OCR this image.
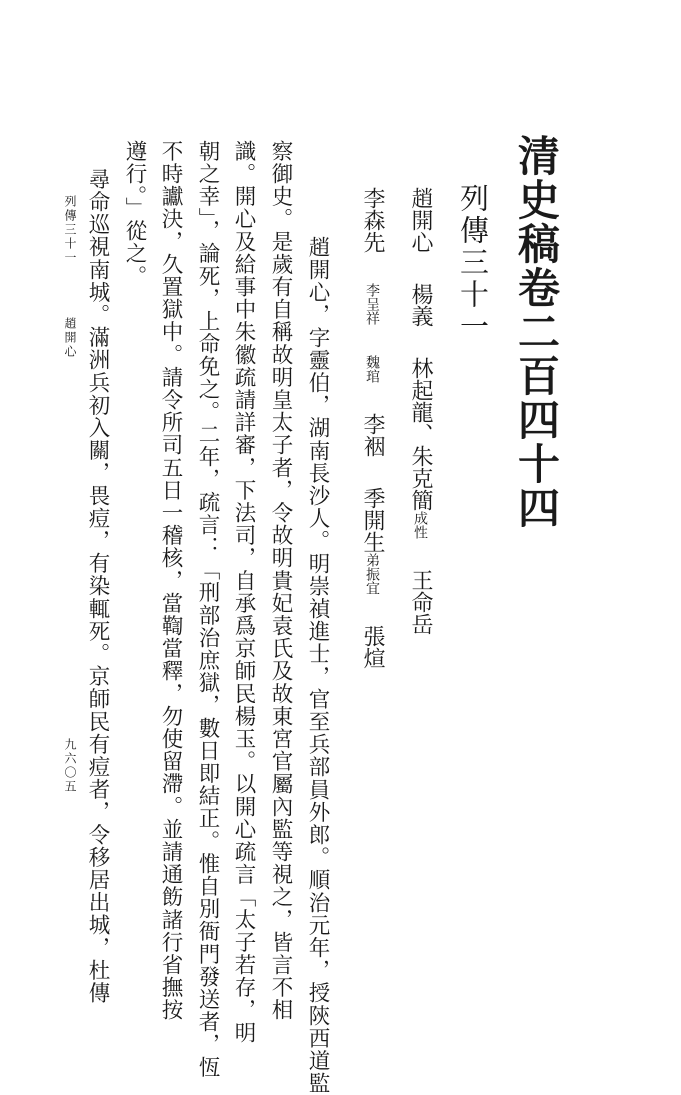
清史稿卷二百四十四
列傳三十一
趙開心楊義林起龍、朱克簡成性王命岳
李森先李呈祥魏琯李裀季開生弟振宜張煊
趙開心，字靈伯，湖南長沙人。明崇禎進士，官至兵部員外郎。順治元年，授陝西道監
察御史。是歲有自稱故明皇太子者，令故明貴妃袁氏及故東宮官屬內監等視之，皆言不相
識。開心及給事中朱徽疏請詳審，下法司，自承爲京師民楊玉。以開心疏言「太子若存，明
朝之幸」，論死，上命免之。二年，疏言：「刑部治庶獄，數日即結正。惟自別衙門發送者，恆
不時讞決，久置獄中。請令所司五日一稽核，當鞫當釋，勿使留滯。並請通飭諸行省撫按
遵行。」從之。
尋命巡視南城。滿洲兵初入關，畏痘，有染輒死。京師民有痘者，令移居出城，杜傳
列傳三十一
趙開心
九六〇五
